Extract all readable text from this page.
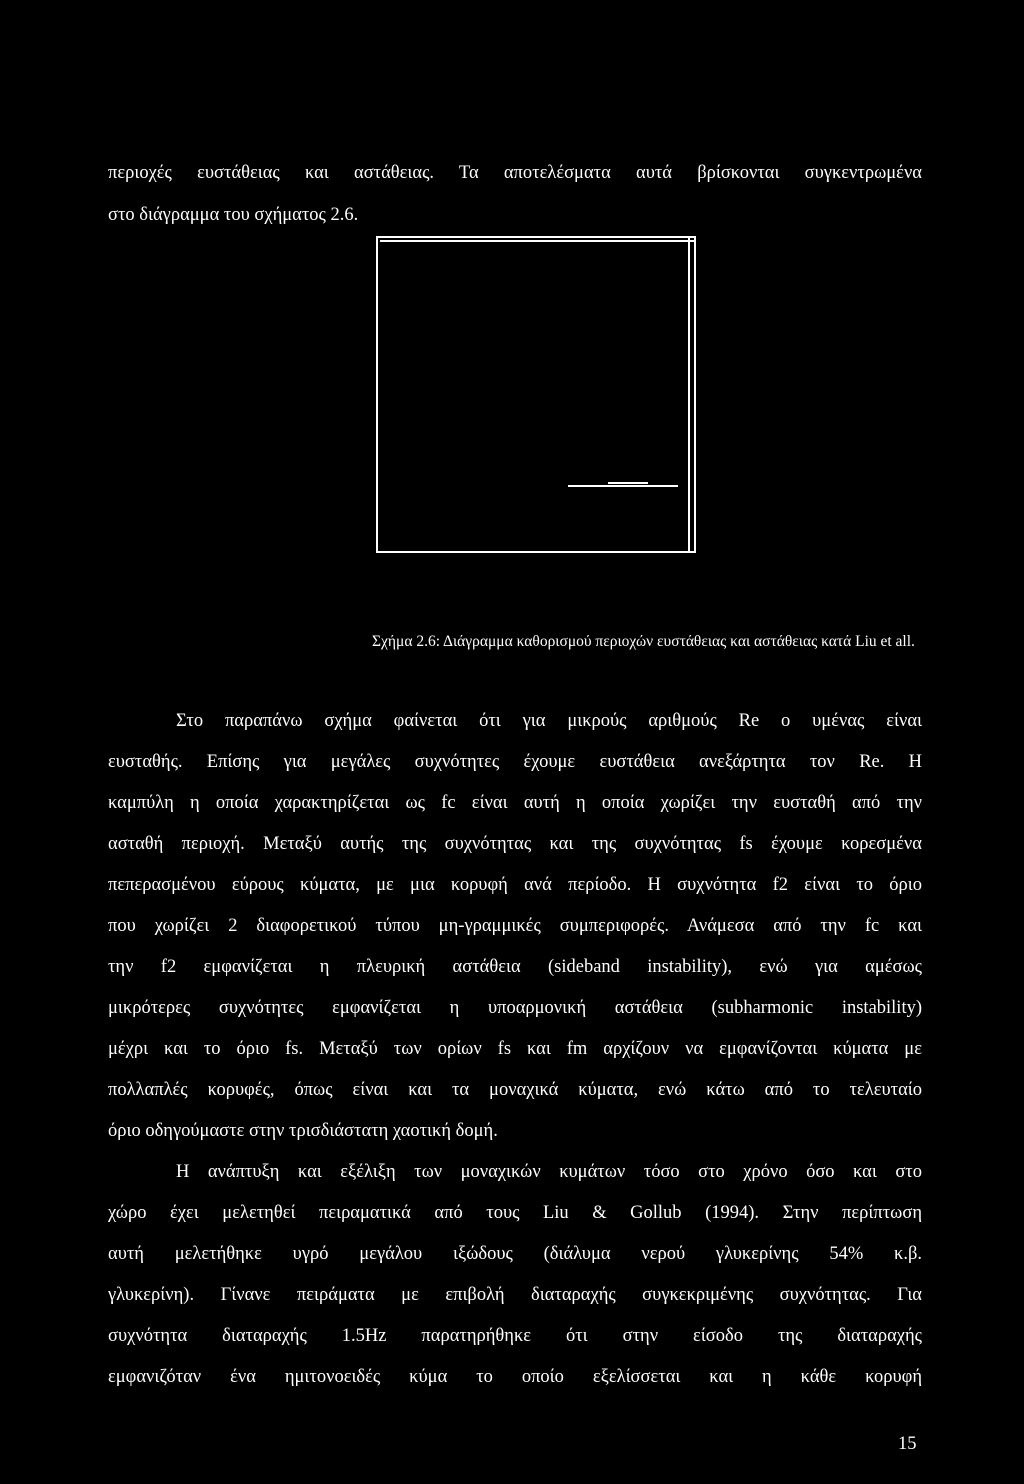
περιοχές ευστάθειας και αστάθειας. Τα αποτελέσματα αυτά βρίσκονται συγκεντρωμένα
στο διάγραμμα του σχήματος 2.6.
Σχήμα 2.6: Διάγραμμα καθορισμού περιοχών ευστάθειας και αστάθειας κατά Liu et all.
Στο παραπάνω σχήμα φαίνεται ότι για μικρούς αριθμούς Re ο υμένας είναι
ευσταθής. Επίσης για μεγάλες συχνότητες έχουμε ευστάθεια ανεξάρτητα τον Re. Η
καμπύλη η οποία χαρακτηρίζεται ως fc είναι αυτή η οποία χωρίζει την ευσταθή από την
ασταθή περιοχή. Μεταξύ αυτής της συχνότητας και της συχνότητας fs έχουμε κορεσμένα
πεπερασμένου εύρους κύματα, με μια κορυφή ανά περίοδο. Η συχνότητα f2 είναι το όριο
που χωρίζει 2 διαφορετικού τύπου μη-γραμμικές συμπεριφορές. Ανάμεσα από την fc και
την f2 εμφανίζεται η πλευρική αστάθεια (sideband instability), ενώ για αμέσως
μικρότερες συχνότητες εμφανίζεται η υποαρμονική αστάθεια (subharmonic instability)
μέχρι και το όριο fs. Μεταξύ των ορίων fs και fm αρχίζουν να εμφανίζονται κύματα με
πολλαπλές κορυφές, όπως είναι και τα μοναχικά κύματα, ενώ κάτω από το τελευταίο
όριο οδηγούμαστε στην τρισδιάστατη χαοτική δομή.
Η ανάπτυξη και εξέλιξη των μοναχικών κυμάτων τόσο στο χρόνο όσο και στο
χώρο έχει μελετηθεί πειραματικά από τους Liu & Gollub (1994). Στην περίπτωση
αυτή μελετήθηκε υγρό μεγάλου ιξώδους (διάλυμα νερού γλυκερίνης 54% κ.β.
γλυκερίνη). Γίνανε πειράματα με επιβολή διαταραχής συγκεκριμένης συχνότητας. Για
συχνότητα διαταραχής 1.5Hz παρατηρήθηκε ότι στην είσοδο της διαταραχής
εμφανιζόταν ένα ημιτονοειδές κύμα το οποίο εξελίσσεται και η κάθε κορυφή
15
